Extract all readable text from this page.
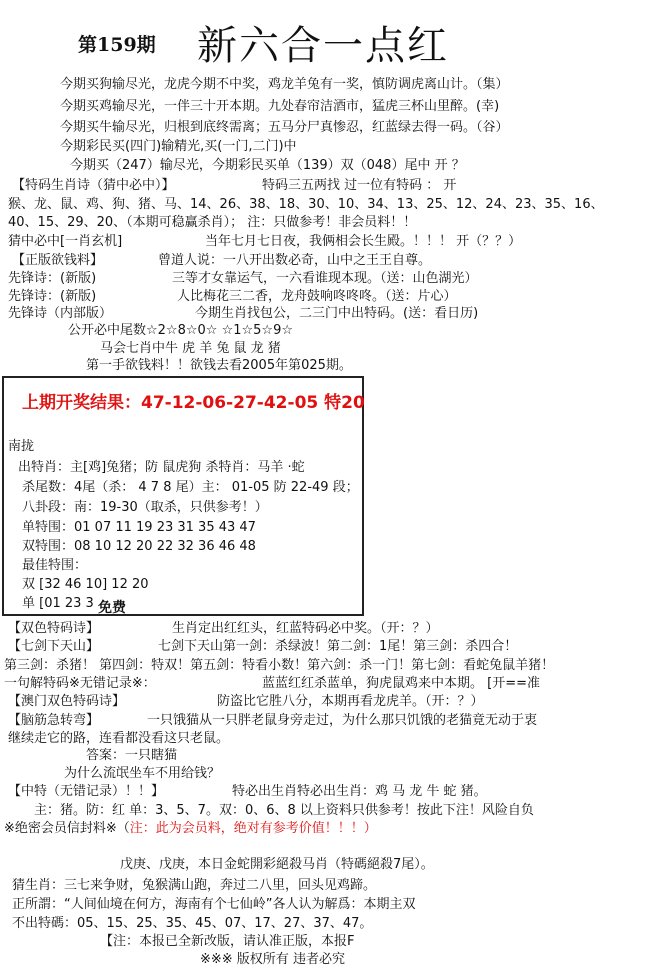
第159期 新六合一点红
今期买狗输尽光，龙虎今期不中奖，鸡龙羊兔有一奖，慎防调虎离山计。（集）
今期买鸡输尽光，一伴三十开本期。九处春帘洁酒市，猛虎三杯山里醉。(幸)
今期买牛输尽光，归根到底终需离；五马分尸真惨忍，红蓝绿去得一码。（谷）
今期彩民买(四门)输精光,买(一门,二门)中
今期买（247）输尽光，今期彩民买单（139）双（048）尾中 开 ？
【特码生肖诗（猜中必中）】	特码三五两找 过一位有特码 ： 开
猴、龙、鼠、鸡、狗、猪、马、14、26、38、18、30、10、34、13、25、12、24、23、35、16、
40、15、29、20、（本期可稳赢杀肖）； 注：只做参考！非会员料！！
猜中必中[一肖玄机]	当年七月七日夜，我俩相会长生殿。！！！ 开（？？）
【正版欲钱料】	曾道人说：一八开出数必奇，山中之王王自尊。
先锋诗：(新版)	三等才女靠运气，一六看谁现本现。（送：山色湖光）
先锋诗：(新版)	人比梅花三二香，龙舟鼓响咚咚咚。（送：片心）
先锋诗（内部版）	今期生肖找包公，二三门中出特码。(送：看日历)
公开必中尾数☆2☆8☆0☆ ☆1☆5☆9☆
马会七肖中牛 虎 羊 兔 鼠 龙 猪
第一手欲钱料！！欲钱去看2005年第025期。
上期开奖结果：47-12-06-27-42-05 特20
南拢
出特肖：主[鸡]兔猪；防 鼠虎狗 杀特肖：马羊 ·蛇
杀尾数：4尾（杀： 4 7 8 尾）主： 01-05 防 22-49 段；
八卦段：南：19-30（取杀，只供参考！）
单特围：01 07 11 19 23 31 35 43 47
双特围：08 10 12 20 22 32 36 46 48
最佳特围：
双 [32 46 10] 12 20
单 [01 23 3 免费
【双色特码诗】	生肖定出红红头，红蓝特码必中奖。（开：？）
【七剑下天山】	七剑下天山第一剑：杀绿波！第二剑：1尾！第三剑：杀四合！
第三剑：杀猪！ 第四剑：特双！第五剑：特看小数！第六剑：杀一门！第七剑：看蛇兔鼠羊猪！
一句解特码※无错记录※：	蓝蓝红红杀蓝单，狗虎鼠鸡来中本期。 [开==准
【澳门双色特码诗】	防盗比它胜八分，本期再看龙虎羊。（开：？）
【脑筋急转弯】	一只饿猫从一只胖老鼠身旁走过，为什么那只饥饿的老猫竟无动于衷
继续走它的路，连看都没看这只老鼠。
答案：一只瞎猫
为什么流氓坐车不用给钱？
【中特（无错记录）！！】	特必出生肖特必出生肖：鸡 马 龙 牛 蛇 猪。
主：猪。防：红 单：3、5、7。双：0、6、8 以上资料只供参考！按此下注！风险自负
※绝密会员信封料※（注：此为会员料，绝对有参考价值！！！）
戊庚、戊庚，本日金蛇開彩絕殺马肖（特碼絕殺7尾）。
猜生肖：三七来争财，兔猴满山跑，奔过二八里，回头见鸡蹄。
正所謂：“人间仙境在何方，海南有个七仙岭”各人认为解爲：本期主双
不出特碼：05、15、25、35、45、07、17、27、37、47。
【注：本报已全新改版，请认准正版，本报F
※※※ 版权所有 违者必究
